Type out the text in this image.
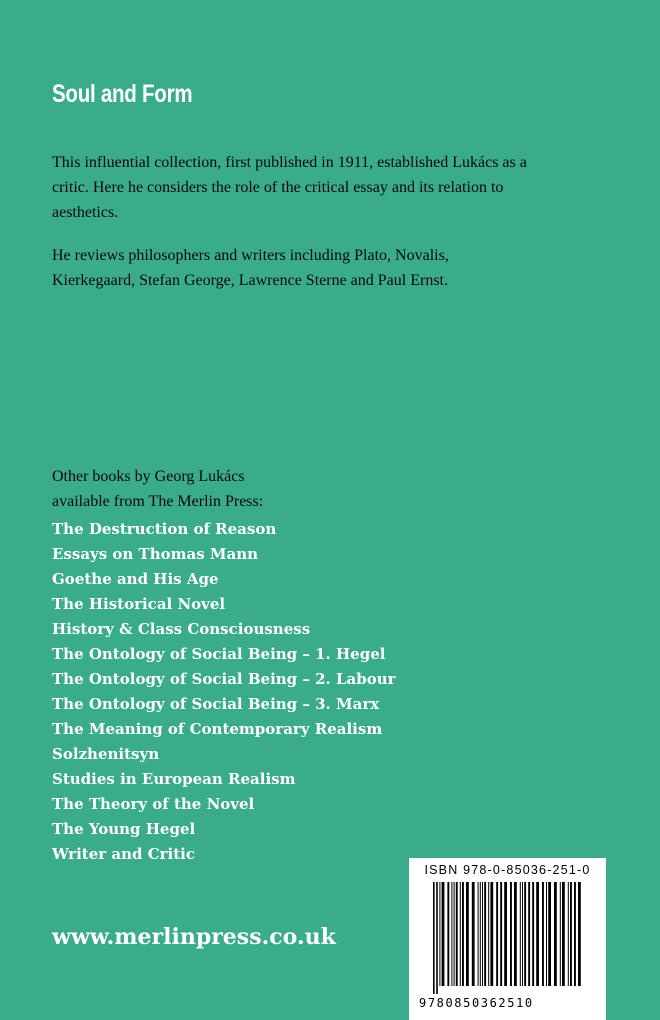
Soul and Form

This influential collection, first published in 1911, established Lukács as a critic. Here he considers the role of the critical essay and its relation to aesthetics.

He reviews philosophers and writers including Plato, Novalis, Kierkegaard, Stefan George, Lawrence Sterne and Paul Ernst.

Other books by Georg Lukács
available from The Merlin Press:
The Destruction of Reason
Essays on Thomas Mann
Goethe and His Age
The Historical Novel
History & Class Consciousness
The Ontology of Social Being – 1. Hegel
The Ontology of Social Being – 2. Labour
The Ontology of Social Being – 3. Marx
The Meaning of Contemporary Realism
Solzhenitsyn
Studies in European Realism
The Theory of the Novel
The Young Hegel
Writer and Critic
www.merlinpress.co.uk
ISBN 978-0-85036-251-0
9780850362510
